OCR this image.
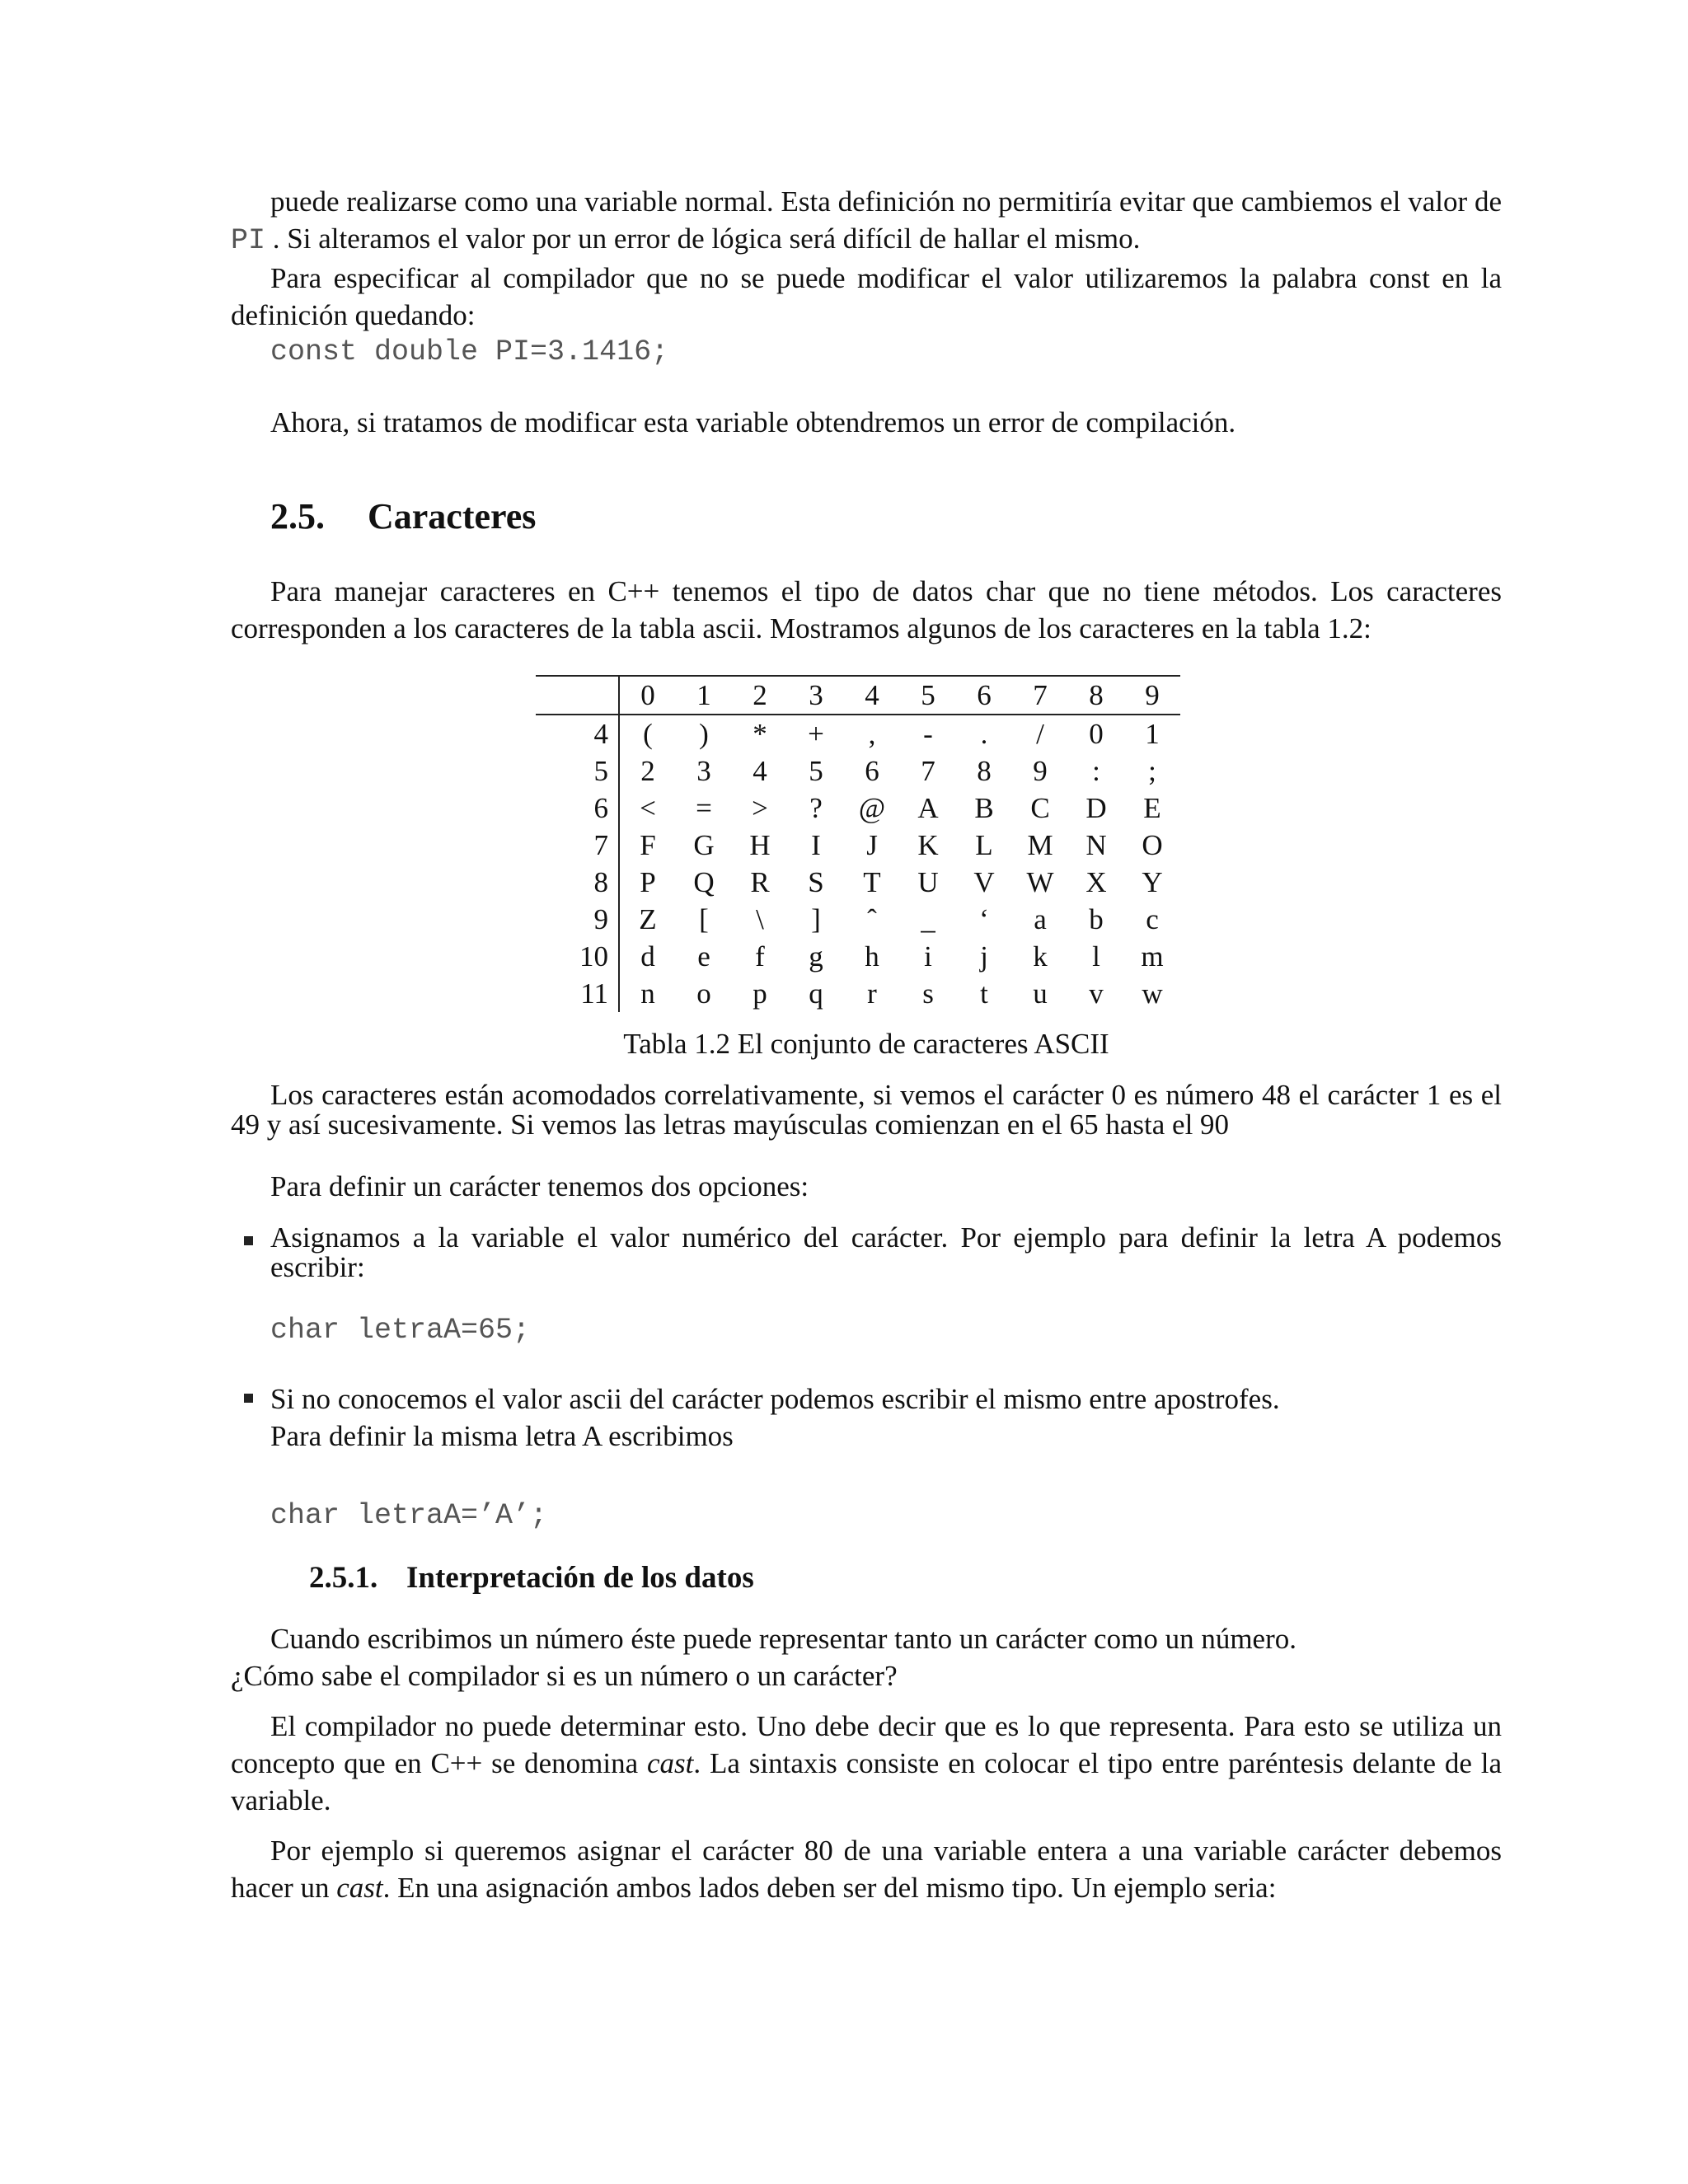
puede realizarse como una variable normal. Esta definición no permitiría evitar que cambiemos el valor de PI . Si alteramos el valor por un error de lógica será difícil de hallar el mismo.

Para especificar al compilador que no se puede modificar el valor utilizaremos la palabra const en la definición quedando:

const double PI=3.1416;

Ahora, si tratamos de modificar esta variable obtendremos un error de compilación.

2.5. Caracteres

Para manejar caracteres en C++ tenemos el tipo de datos char que no tiene métodos. Los caracteres corresponden a los caracteres de la tabla ascii. Mostramos algunos de los caracteres en la tabla 1.2:

	0	1	2	3	4	5	6	7	8	9
4	(	)	*	+	,	-	.	/	0	1
5	2	3	4	5	6	7	8	9	:	;
6	<	=	>	?	@	A	B	C	D	E
7	F	G	H	I	J	K	L	M	N	O
8	P	Q	R	S	T	U	V	W	X	Y
9	Z	[	\	]	ˆ	_	‘	a	b	c
10	d	e	f	g	h	i	j	k	l	m
11	n	o	p	q	r	s	t	u	v	w
Tabla 1.2 El conjunto de caracteres ASCII

Los caracteres están acomodados correlativamente, si vemos el carácter 0 es número 48 el carácter 1 es el 49 y así sucesivamente. Si vemos las letras mayúsculas comienzan en el 65 hasta el 90

Para definir un carácter tenemos dos opciones:

Asignamos a la variable el valor numérico del carácter. Por ejemplo para definir la letra A podemos escribir:

char letraA=65;

Si no conocemos el valor ascii del carácter podemos escribir el mismo entre apostrofes.

Para definir la misma letra A escribimos

char letraA=’A’;
2.5.1. Interpretación de los datos

Cuando escribimos un número éste puede representar tanto un carácter como un número.

¿Cómo sabe el compilador si es un número o un carácter?

El compilador no puede determinar esto. Uno debe decir que es lo que representa. Para esto se utiliza un concepto que en C++ se denomina cast. La sintaxis consiste en colocar el tipo entre paréntesis delante de la variable.

Por ejemplo si queremos asignar el carácter 80 de una variable entera a una variable carácter debemos hacer un cast. En una asignación ambos lados deben ser del mismo tipo. Un ejemplo seria:
